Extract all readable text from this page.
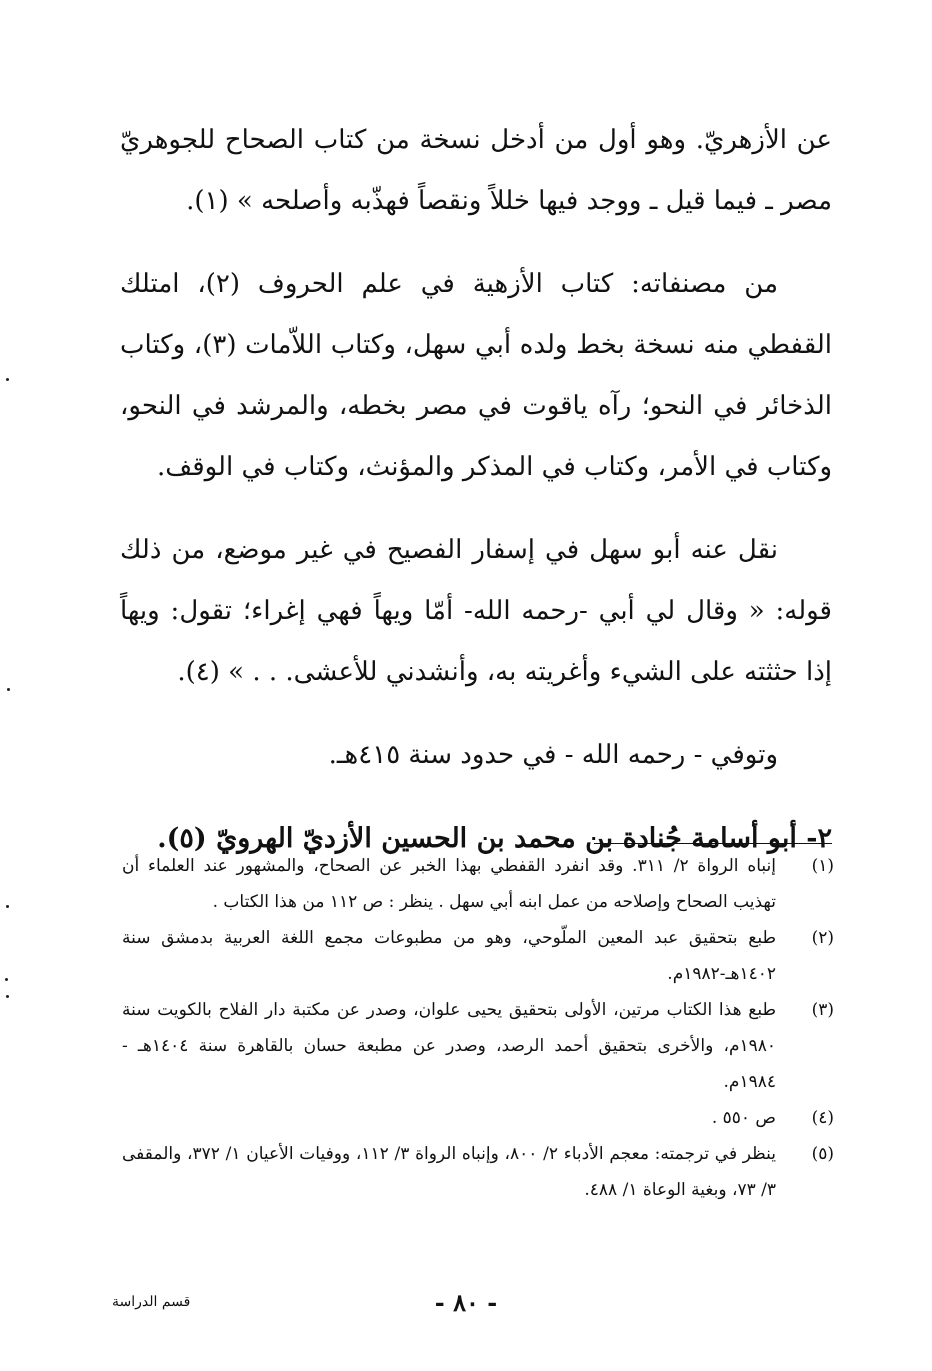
عن الأزهريّ. وهو أول من أدخل نسخة من كتاب الصحاح للجوهريّ مصر ـ فيما قيل ـ ووجد فيها خللاً ونقصاً فهذّبه وأصلحه » (١).

من مصنفاته: كتاب الأزهية في علم الحروف (٢)، امتلك القفطي منه نسخة بخط ولده أبي سهل، وكتاب اللاّمات (٣)، وكتاب الذخائر في النحو؛ رآه ياقوت في مصر بخطه، والمرشد في النحو، وكتاب في الأمر، وكتاب في المذكر والمؤنث، وكتاب في الوقف.

نقل عنه أبو سهل في إسفار الفصيح في غير موضع، من ذلك قوله: « وقال لي أبي -رحمه الله- أمّا ويهاً فهي إغراء؛ تقول: ويهاً إذا حثثته على الشيء وأغريته به، وأنشدني للأعشى. . . » (٤).

وتوفي - رحمه الله - في حدود سنة ٤١٥هـ.

٢- أبو أسامة جُنادة بن محمد بن الحسين الأزديّ الهرويّ (٥).

(١)
إنباه الرواة ٢/ ٣١١. وقد انفرد القفطي بهذا الخبر عن الصحاح، والمشهور عند العلماء أن تهذيب الصحاح وإصلاحه من عمل ابنه أبي سهل . ينظر : ص ١١٢ من هذا الكتاب .
(٢)
طبع بتحقيق عبد المعين الملّوحي، وهو من مطبوعات مجمع اللغة العربية بدمشق سنة ١٤٠٢هـ-١٩٨٢م.
(٣)
طبع هذا الكتاب مرتين، الأولى بتحقيق يحيى علوان، وصدر عن مكتبة دار الفلاح بالكويت سنة ١٩٨٠م، والأخرى بتحقيق أحمد الرصد، وصدر عن مطبعة حسان بالقاهرة سنة ١٤٠٤هـ - ١٩٨٤م.
(٤)
ص ٥٥٠ .
(٥)
ينظر في ترجمته: معجم الأدباء ٢/ ٨٠٠، وإنباه الرواة ٣/ ١١٢، ووفيات الأعيان ١/ ٣٧٢، والمقفى ٣/ ٧٣، وبغية الوعاة ١/ ٤٨٨.
- ٨٠ -
قسم الدراسة
